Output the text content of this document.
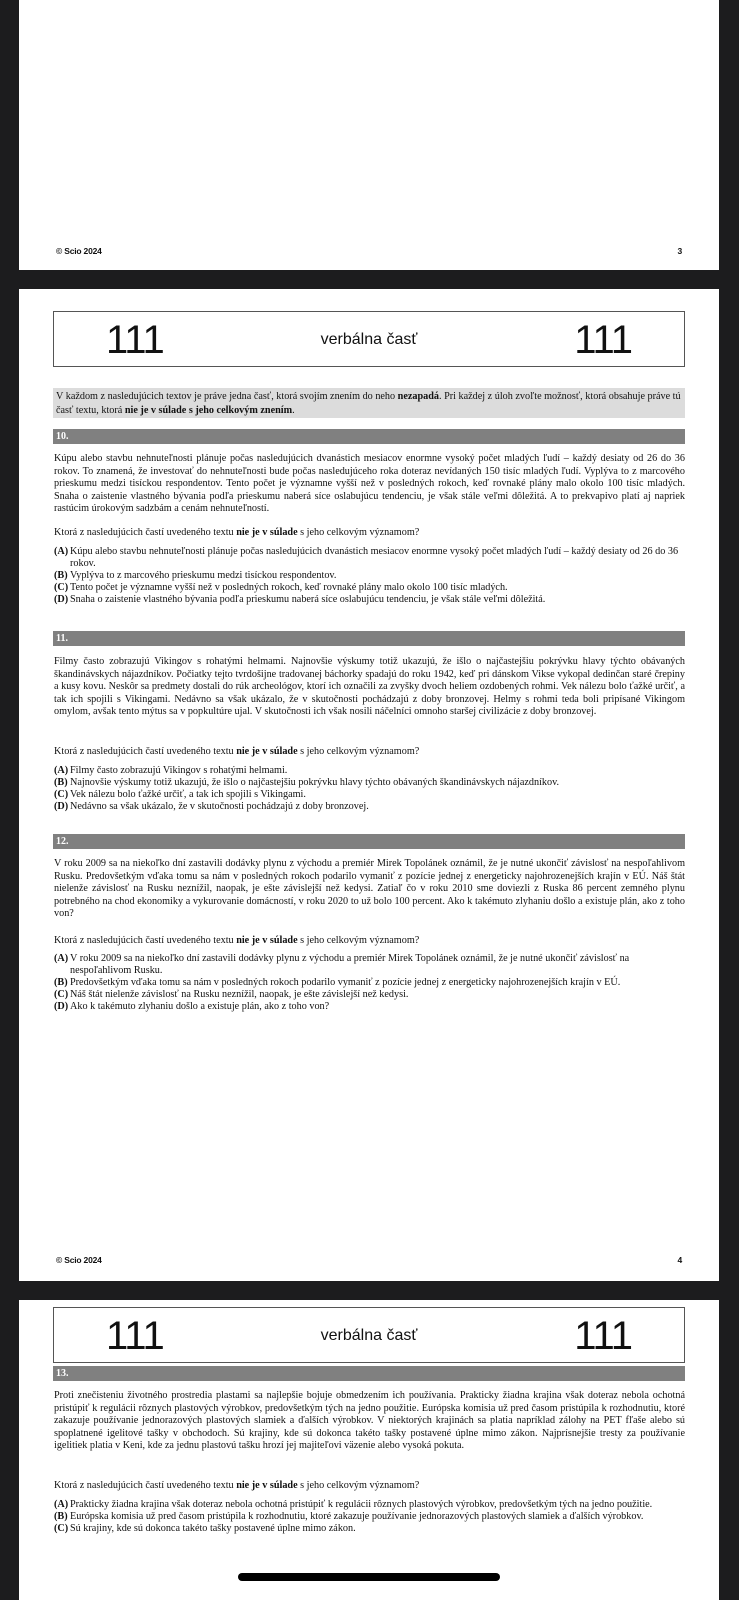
© Scio 2024	3
111	verbálna časť	111
V každom z nasledujúcich textov je práve jedna časť, ktorá svojím znením do neho nezapadá. Pri každej z úloh zvoľte možnosť, ktorá obsahuje práve tú časť textu, ktorá nie je v súlade s jeho celkovým znením.
10.
Kúpu alebo stavbu nehnuteľnosti plánuje počas nasledujúcich dvanástich mesiacov enormne vysoký počet mladých ľudí – každý desiaty od 26 do 36 rokov. To znamená, že investovať do nehnuteľnosti bude počas nasledujúceho roka doteraz nevídaných 150 tisíc mladých ľudí. Vyplýva to z marcového prieskumu medzi tisíckou respondentov. Tento počet je významne vyšší než v posledných rokoch, keď rovnaké plány malo okolo 100 tisíc mladých. Snaha o zaistenie vlastného bývania podľa prieskumu naberá síce oslabujúcu tendenciu, je však stále veľmi dôležitá. A to prekvapivo platí aj napriek rastúcim úrokovým sadzbám a cenám nehnuteľností.
Ktorá z nasledujúcich častí uvedeného textu nie je v súlade s jeho celkovým významom?
(A) Kúpu alebo stavbu nehnuteľnosti plánuje počas nasledujúcich dvanástich mesiacov enormne vysoký počet mladých ľudí – každý desiaty od 26 do 36 rokov.
(B) Vyplýva to z marcového prieskumu medzi tisíckou respondentov.
(C) Tento počet je významne vyšší než v posledných rokoch, keď rovnaké plány malo okolo 100 tisíc mladých.
(D) Snaha o zaistenie vlastného bývania podľa prieskumu naberá síce oslabujúcu tendenciu, je však stále veľmi dôležitá.
11.
Filmy často zobrazujú Vikingov s rohatými helmami. Najnovšie výskumy totiž ukazujú, že išlo o najčastejšiu pokrývku hlavy týchto obávaných škandinávskych nájazdníkov. Počiatky tejto tvrdošijne tradovanej báchorky spadajú do roku 1942, keď pri dánskom Vikse vykopal dedinčan staré črepiny a kusy kovu. Neskôr sa predmety dostali do rúk archeológov, ktorí ich označili za zvyšky dvoch heliem ozdobených rohmi. Vek nálezu bolo ťažké určiť, a tak ich spojili s Vikingami. Nedávno sa však ukázalo, že v skutočnosti pochádzajú z doby bronzovej. Helmy s rohmi teda boli pripísané Vikingom omylom, avšak tento mýtus sa v popkultúre ujal. V skutočnosti ich však nosili náčelníci omnoho staršej civilizácie z doby bronzovej.
Ktorá z nasledujúcich častí uvedeného textu nie je v súlade s jeho celkovým významom?
(A) Filmy často zobrazujú Vikingov s rohatými helmami.
(B) Najnovšie výskumy totiž ukazujú, že išlo o najčastejšiu pokrývku hlavy týchto obávaných škandinávskych nájazdníkov.
(C) Vek nálezu bolo ťažké určiť, a tak ich spojili s Vikingami.
(D) Nedávno sa však ukázalo, že v skutočnosti pochádzajú z doby bronzovej.
12.
V roku 2009 sa na niekoľko dní zastavili dodávky plynu z východu a premiér Mirek Topolánek oznámil, že je nutné ukončiť závislosť na nespoľahlivom Rusku. Predovšetkým vďaka tomu sa nám v posledných rokoch podarilo vymaniť z pozície jednej z energeticky najohrozenejších krajín v EÚ. Náš štát nielenže závislosť na Rusku neznížil, naopak, je ešte závislejší než kedysi. Zatiaľ čo v roku 2010 sme doviezli z Ruska 86 percent zemného plynu potrebného na chod ekonomiky a vykurovanie domácností, v roku 2020 to už bolo 100 percent. Ako k takémuto zlyhaniu došlo a existuje plán, ako z toho von?
Ktorá z nasledujúcich častí uvedeného textu nie je v súlade s jeho celkovým významom?
(A) V roku 2009 sa na niekoľko dní zastavili dodávky plynu z východu a premiér Mirek Topolánek oznámil, že je nutné ukončiť závislosť na nespoľahlivom Rusku.
(B) Predovšetkým vďaka tomu sa nám v posledných rokoch podarilo vymaniť z pozície jednej z energeticky najohrozenejších krajín v EÚ.
(C) Náš štát nielenže závislosť na Rusku neznížil, naopak, je ešte závislejší než kedysi.
(D) Ako k takémuto zlyhaniu došlo a existuje plán, ako z toho von?
© Scio 2024	4
111	verbálna časť	111
13.
Proti znečisteniu životného prostredia plastami sa najlepšie bojuje obmedzením ich používania. Prakticky žiadna krajina však doteraz nebola ochotná pristúpiť k regulácii rôznych plastových výrobkov, predovšetkým tých na jedno použitie. Európska komisia už pred časom pristúpila k rozhodnutiu, ktoré zakazuje používanie jednorazových plastových slamiek a ďalších výrobkov. V niektorých krajinách sa platia napríklad zálohy na PET fľaše alebo sú spoplatnené igelitové tašky v obchodoch. Sú krajiny, kde sú dokonca takéto tašky postavené úplne mimo zákon. Najprísnejšie tresty za používanie igelitiek platia v Keni, kde za jednu plastovú tašku hrozí jej majiteľovi väzenie alebo vysoká pokuta.
Ktorá z nasledujúcich častí uvedeného textu nie je v súlade s jeho celkovým významom?
(A) Prakticky žiadna krajina však doteraz nebola ochotná pristúpiť k regulácii rôznych plastových výrobkov, predovšetkým tých na jedno použitie.
(B) Európska komisia už pred časom pristúpila k rozhodnutiu, ktoré zakazuje používanie jednorazových plastových slamiek a ďalších výrobkov.
(C) Sú krajiny, kde sú dokonca takéto tašky postavené úplne mimo zákon.
